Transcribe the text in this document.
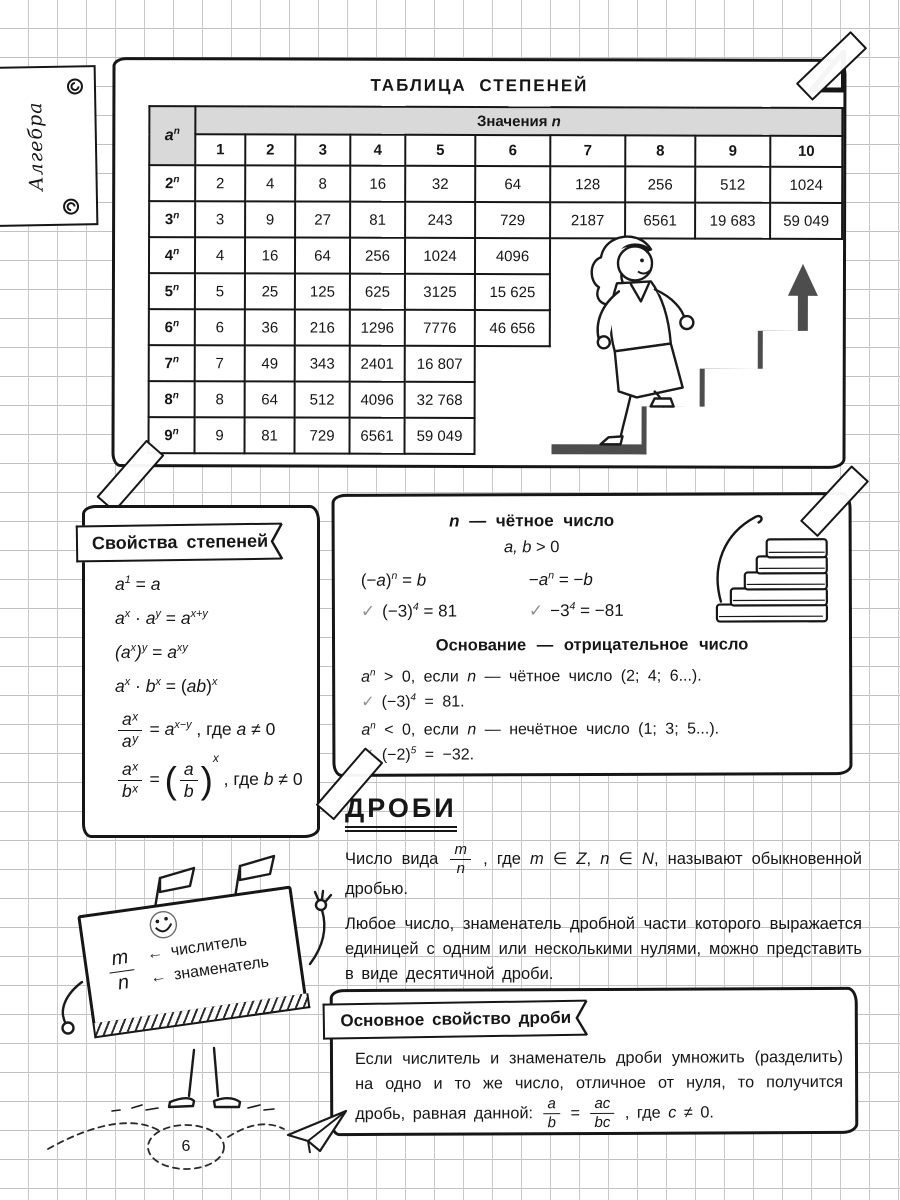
Алгебра
ТАБЛИЦА СТЕПЕНЕЙ
$a^n$	Значения n									
	1	2	3	4	5	6	7	8	9	10
2$^n$	2	4	8	16	32	64	128	256	512	1024
3$^n$	3	9	27	81	243	729	2187	6561	19 683	59 049
4$^n$	4	16	64	256	1024	4096				
5$^n$	5	25	125	625	3125	15 625				
6$^n$	6	36	216	1296	7776	46 656				
7$^n$	7	49	343	2401	16 807					
8$^n$	8	64	512	4096	32 768					
9$^n$	9	81	729	6561	59 049					
Свойства степеней
$a^1 = a$
$a^x \cdot a^y = a^{x+y}$
$(a^x)^y = a^{xy}$
$a^x \cdot b^x = (ab)^x$
$\frac{\text{aˣ}}{\text{aʸ}} = a^{x-y}$ , где a ≠ 0
$\frac{\text{aˣ}}{\text{bˣ}}$ = ( $\frac{a}{b}$ )
x
, где b ≠ 0
n — чётное число
a, b > 0
$(-a)^n = b$	$-a^n = -b$
✓ $(-3)^4 = 81$	✓ $-3^4 = -81$
Основание — отрицательное число
$a^n > 0$, если n — чётное число (2; 4; 6...).
✓ $(-3)^4 = 81$.
$a^n < 0$, если n — нечётное число (1; 3; 5...).
$(-2)^5 = -32$.
ДРОБИ

Число вида $\frac{m}{n}$ , где m ∈ Z, n ∈ N, называют обыкновенной дробью.

Любое число, знаменатель дробной части которого выражается единицей с одним или несколькими нулями, можно представить в виде десятичной дроби.

$\frac{m}{n}$ ← числитель
← знаменатель
Основное свойство дроби
Если числитель и знаменатель дроби умножить (разделить) на одно и то же число, отличное от нуля, то получится дробь, равная данной: $\frac{a}{b} = \frac{ac}{bc}$ , где c ≠ 0.
6
